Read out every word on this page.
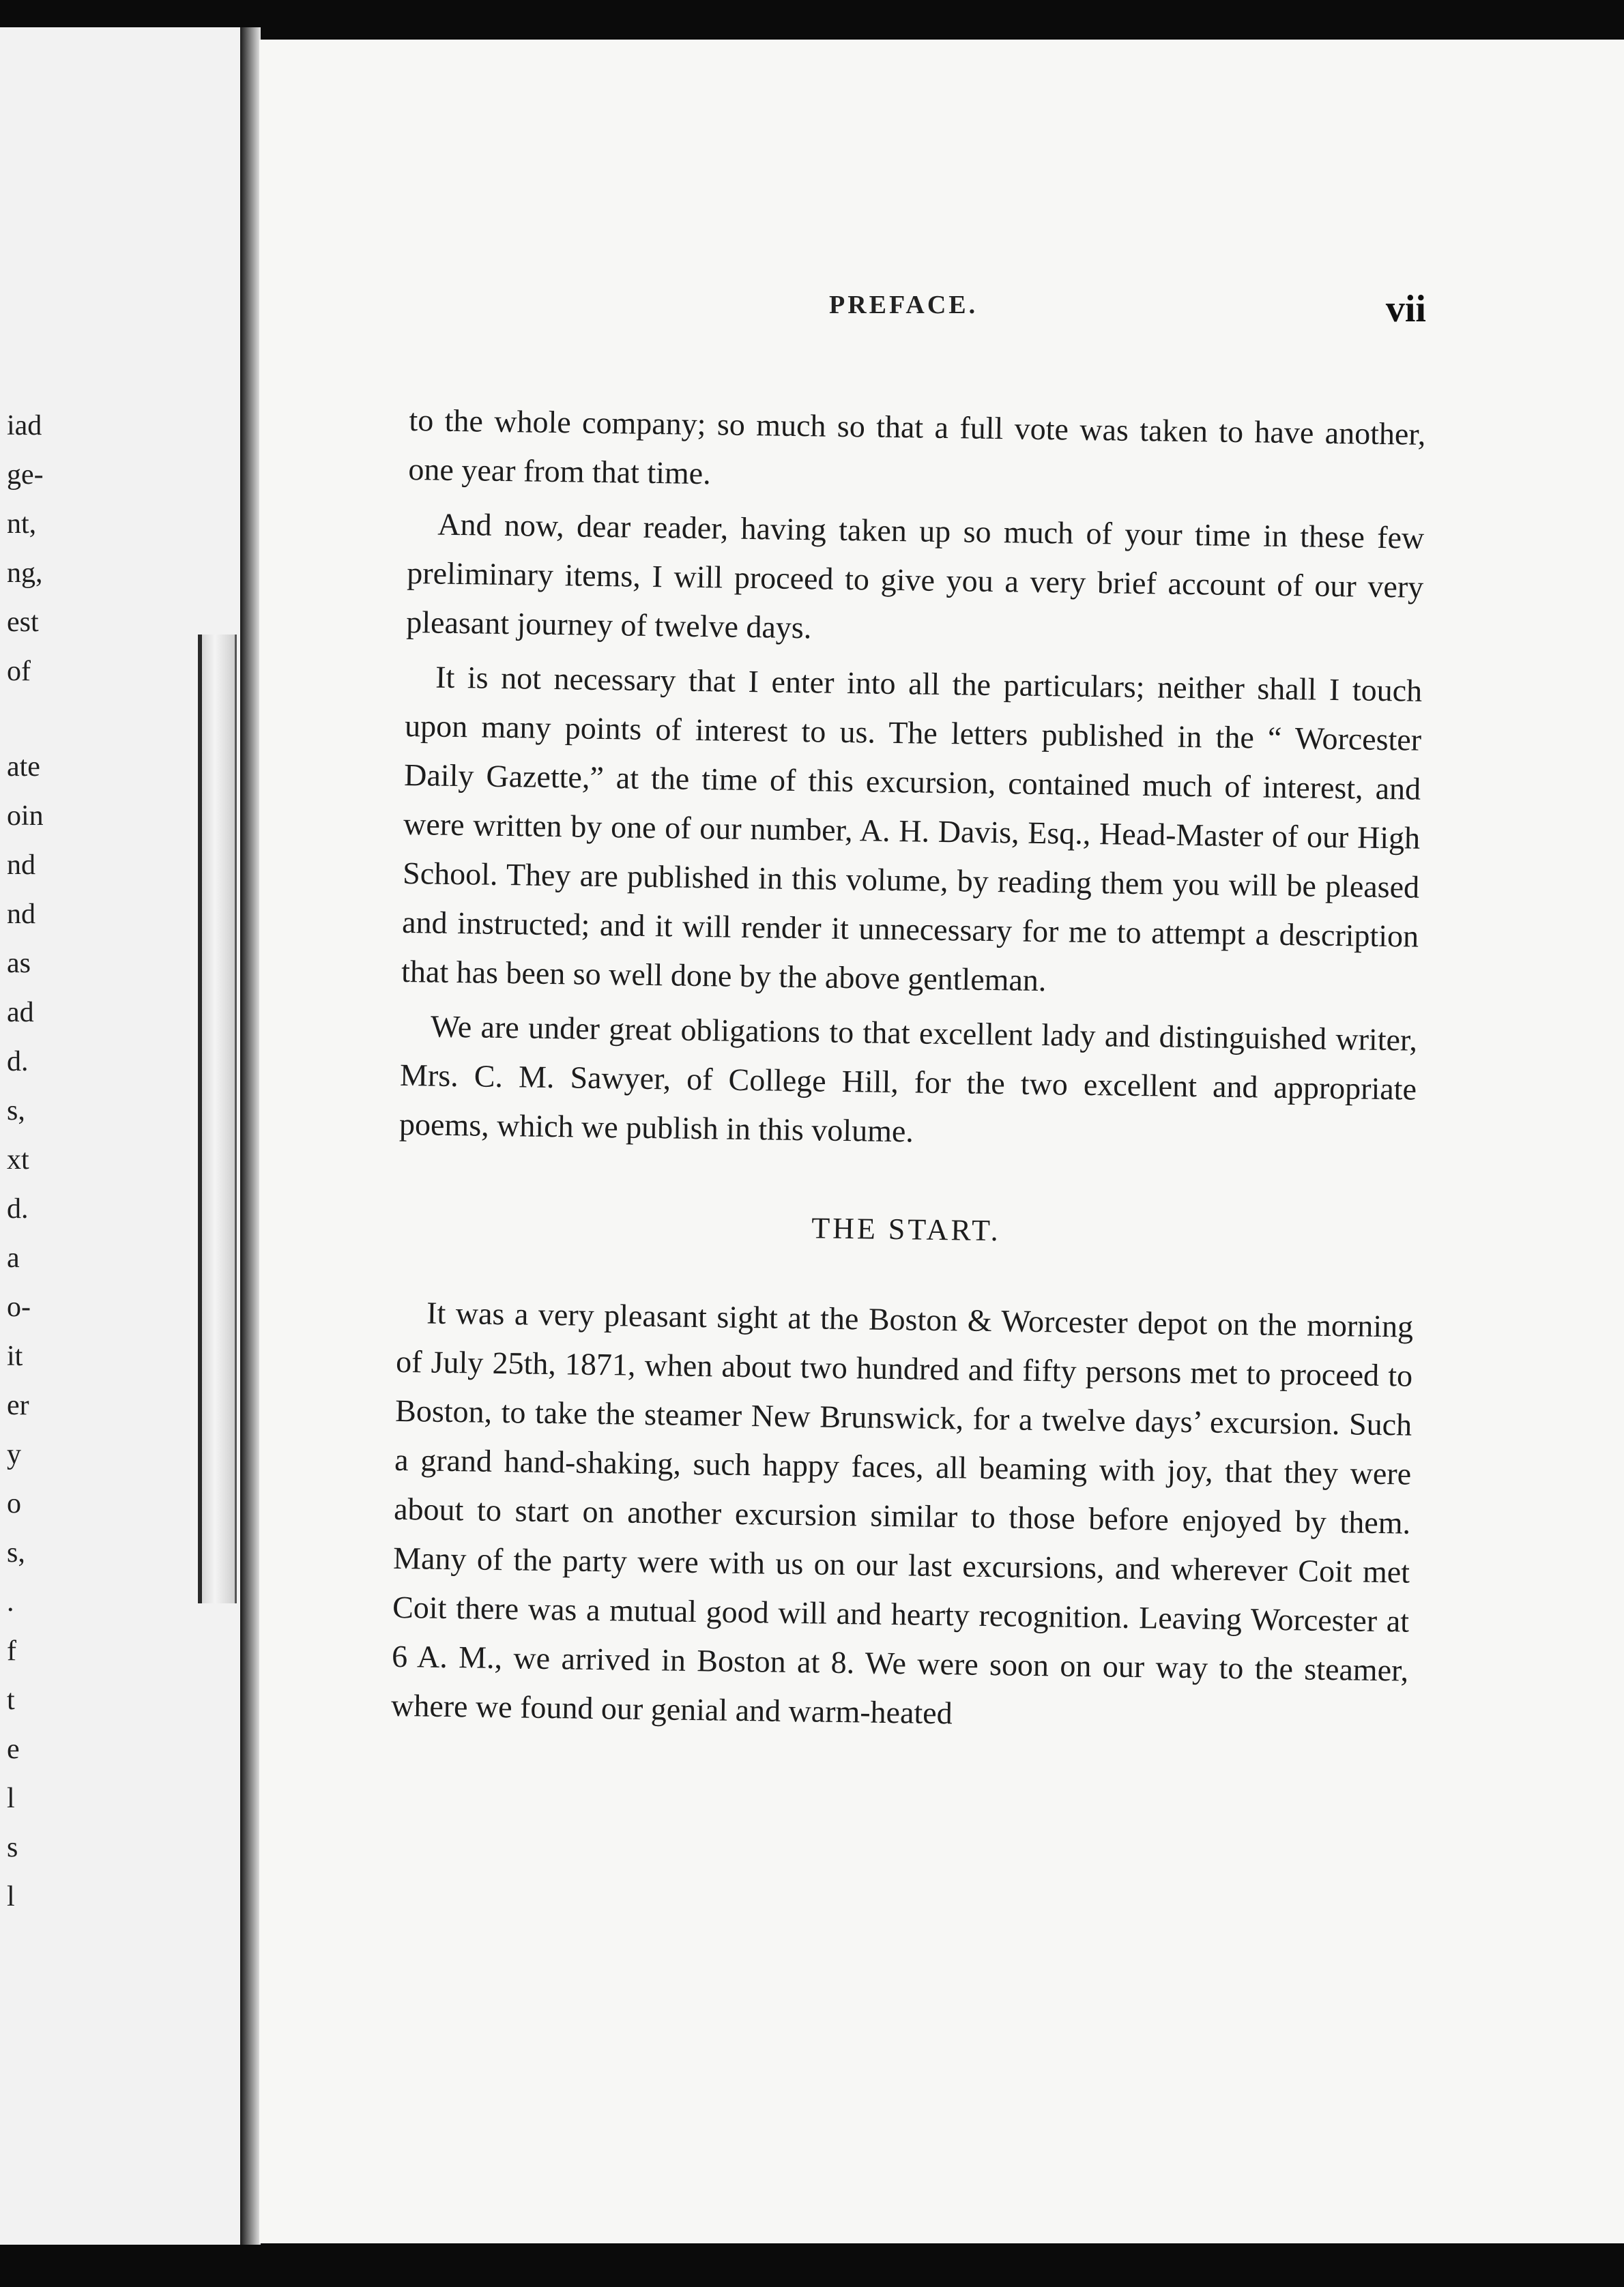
iad
ge-
nt,
ng,
est
of
ate
oin
nd
nd
as
ad
d.
s,
xt
d.
a
o-
it
er
y
o
s,
.
f
t
e
l
s
l
PREFACE.	vii

to the whole company; so much so that a full vote was taken to have another, one year from that time.

And now, dear reader, having taken up so much of your time in these few preliminary items, I will proceed to give you a very brief account of our very pleasant journey of twelve days.

It is not necessary that I enter into all the particulars; neither shall I touch upon many points of interest to us. The letters published in the “ Worcester Daily Gazette,” at the time of this excursion, contained much of interest, and were written by one of our number, A. H. Davis, Esq., Head-Master of our High School. They are published in this volume, by reading them you will be pleased and instructed; and it will render it unnecessary for me to attempt a description that has been so well done by the above gentleman.

We are under great obligations to that excellent lady and distinguished writer, Mrs. C. M. Sawyer, of College Hill, for the two excellent and appropriate poems, which we publish in this volume.

THE START.

It was a very pleasant sight at the Boston & Worcester depot on the morning of July 25th, 1871, when about two hundred and fifty persons met to proceed to Boston, to take the steamer New Brunswick, for a twelve days’ excursion. Such a grand hand-shaking, such happy faces, all beaming with joy, that they were about to start on another excursion similar to those before enjoyed by them. Many of the party were with us on our last excursions, and wherever Coit met Coit there was a mutual good will and hearty recognition. Leaving Worcester at 6 A. M., we arrived in Boston at 8. We were soon on our way to the steamer, where we found our genial and warm-heated
